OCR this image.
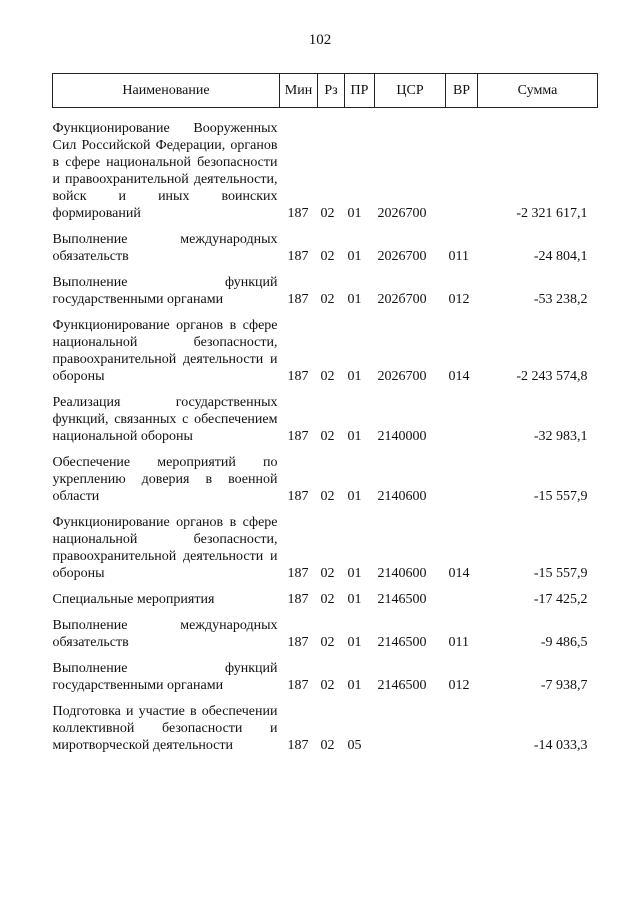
102
Наименование	Мин	Рз	ПР	ЦСР	ВР	Сумма
Функционирование Вооруженных Сил Российской Федерации, органов в сфере национальной безопасности и правоохранительной деятельности, войск и иных воинских формирований	187	02	01	2026700		-2 321 617,1
Выполнение международных обязательств	187	02	01	2026700	011	-24 804,1
Выполнение функций государственными органами	187	02	01	202б700	012	-53 238,2
Функционирование органов в сфере национальной безопасности, правоохранительной деятельности и обороны	187	02	01	2026700	014	-2 243 574,8
Реализация государственных функций, связанных с обеспечением национальной обороны	187	02	01	2140000		-32 983,1
Обеспечение мероприятий по укреплению доверия в военной области	187	02	01	2140600		-15 557,9
Функционирование органов в сфере национальной безопасности, правоохранительной деятельности и обороны	187	02	01	2140600	014	-15 557,9
Специальные мероприятия	187	02	01	2146500		-17 425,2
Выполнение международных обязательств	187	02	01	2146500	011	-9 486,5
Выполнение функций государственными органами	187	02	01	2146500	012	-7 938,7
Подготовка и участие в обеспечении коллективной безопасности и миротворческой деятельности	187	02	05			-14 033,3
